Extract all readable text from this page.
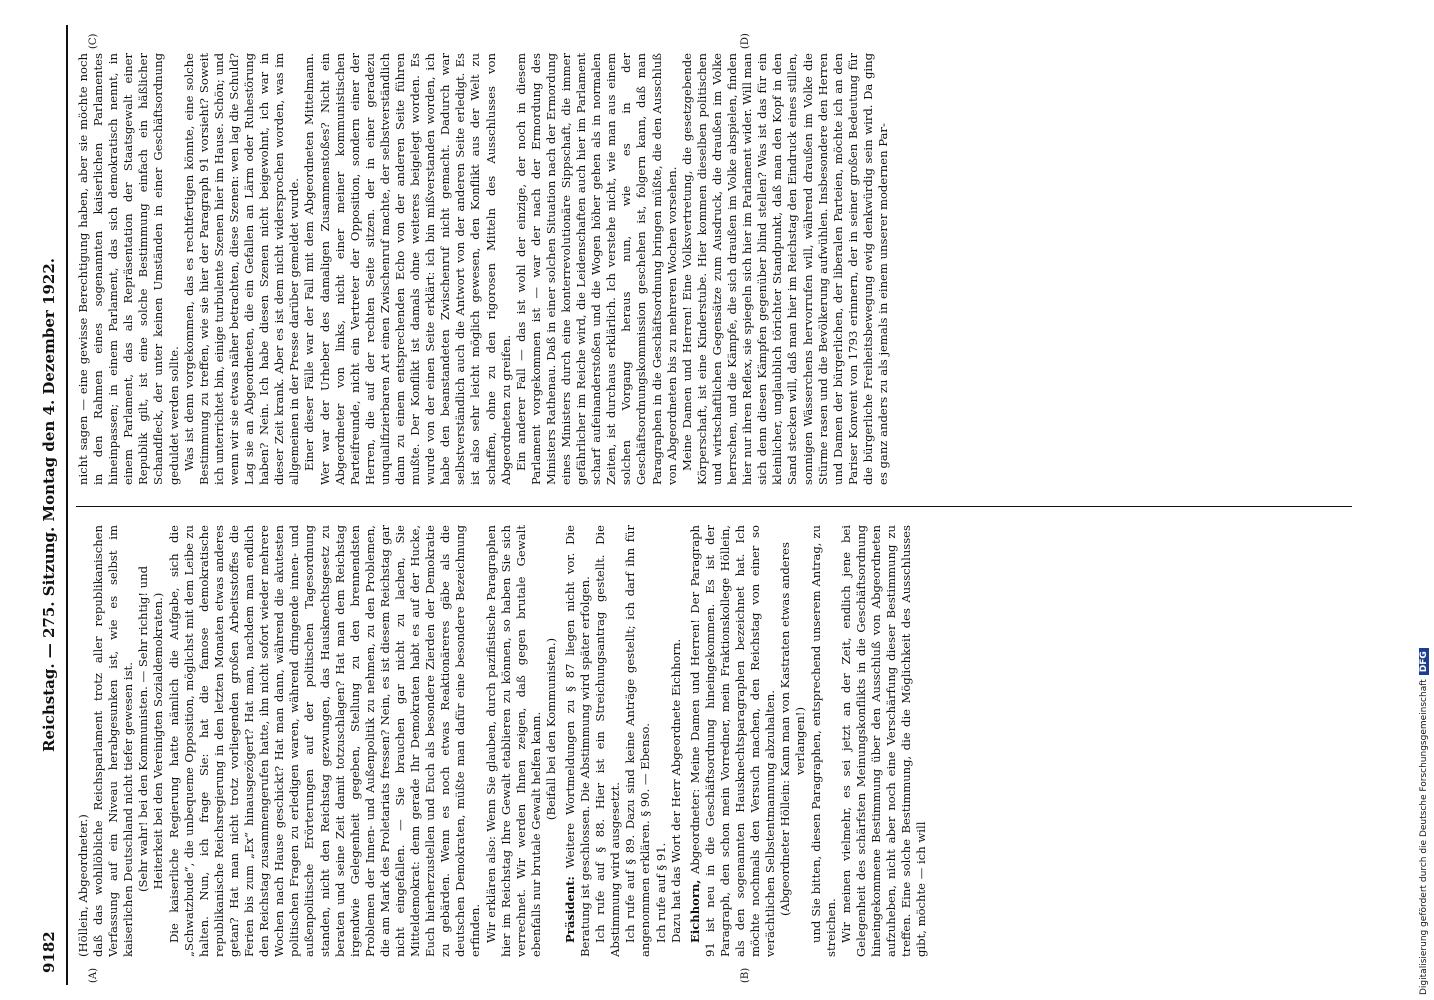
Reichstag. — 275. Sitzung. Montag den 4. Dezember 1922.
9182
(A)	(B)
(C)	(D)

(Höllein, Abgeordneter.) daß das wohllöbliche Reichsparlament trotz aller republikanischen Verfassung auf ein Niveau herabgesunken ist, wie es selbst im kaiserlichen Deutschland nicht tiefer gewesen ist. (Sehr wahr! bei den Kommunisten. — Sehr richtig! und Heiterkeit bei den Vereinigten Sozialdemokraten.) Die kaiserliche Regierung hatte nämlich die Aufgabe, sich die „Schwatzbude“, die unbequeme Opposition, möglichst mit dem Leibe zu halten. Nun, ich frage Sie: hat die famose demokratische republikanische Reichsregierung in den letzten Monaten etwas anderes getan? Hat man nicht trotz vorliegenden großen Arbeitsstoffes die Ferien bis zum „Ex“ hinausgezögert? Hat man, nachdem man endlich den Reichstag zusammengerufen hatte, ihn nicht sofort wieder mehrere Wochen nach Hause geschickt? Hat man dann, während die akutesten politischen Fragen zu erledigen waren, während dringende innen- und außenpolitische Erörterungen auf der politischen Tagesordnung standen, nicht den Reichstag gezwungen, das Hausknechtsgesetz zu beraten und seine Zeit damit totzuschlagen? Hat man dem Reichstag irgendwie Gelegenheit gegeben, Stellung zu den brennendsten Problemen der Innen- und Außenpolitik zu nehmen, zu den Problemen, die am Mark des Proletariats fressen? Nein, es ist diesem Reichstag gar nicht eingefallen. — Sie brauchen gar nicht zu lachen, Sie Mitteldemokrat: denn gerade Ihr Demokraten habt es auf der Hucke, Euch hierherzustellen und Euch als besondere Zierden der Demokratie zu gebärden. Wenn es noch etwas Reaktionäreres gäbe als die deutschen Demokraten, müßte man dafür eine besondere Bezeichnung erfinden. Wir erklären also: Wenn Sie glauben, durch pazifistische Paragraphen hier im Reichstag Ihre Gewalt etablieren zu können, so haben Sie sich verrechnet. Wir werden Ihnen zeigen, daß gegen brutale Gewalt ebenfalls nur brutale Gewalt helfen kann. (Beifall bei den Kommunisten.)

Präsident: Weitere Wortmeldungen zu § 87 liegen nicht vor. Die Beratung ist geschlossen. Die Abstimmung wird später erfolgen. Ich rufe auf § 88. Hier ist ein Streichungsantrag gestellt. Die Abstimmung wird ausgesetzt. Ich rufe auf § 89. Dazu sind keine Anträge gestellt; ich darf ihn für angenommen erklären. § 90. — Ebenso. Ich rufe auf § 91. Dazu hat das Wort der Herr Abgeordnete Eichhorn. Eichhorn, Abgeordneter: Meine Damen und Herren! Der Paragraph 91 ist neu in die Geschäftsordnung hineingekommen. Es ist der Paragraph, den schon mein Vorredner, mein Fraktionskollege Höllein, als den sogenannten Hausknechtsparagraphen bezeichnet hat. Ich möchte nochmals den Versuch machen, den Reichstag von einer so verächtlichen Selbstentmannung abzuhalten. (Abgeordneter Höllein: Kann man von Kastraten etwas anderes verlangen!) und Sie bitten, diesen Paragraphen, entsprechend unserem Antrag, zu streichen. Wir meinen vielmehr, es sei jetzt an der Zeit, endlich jene bei Gelegenheit des schärfsten Meinungskonflikts in die Geschäftsordnung hineingekommene Bestimmung über den Ausschluß von Abgeordneten aufzuheben, nicht aber noch eine Verschärfung dieser Bestimmung zu treffen. Eine solche Bestimmung, die die Möglichkeit des Ausschlusses gibt, möchte — ich will

nicht sagen — eine gewisse Berechtigung haben, aber sie möchte noch in den Rahmen eines sogenannten kaiserlichen Parlamentes hineinpassen; in einem Parlament, das sich demokratisch nennt, in einem Parlament, das als Repräsentation der Staatsgewalt einer Republik gilt, ist eine solche Bestimmung einfach ein häßlicher Schandfleck, der unter keinen Umständen in einer Geschäftsordnung geduldet werden sollte. Was ist denn vorgekommen, das es rechtfertigen könnte, eine solche Bestimmung zu treffen, wie sie hier der Paragraph 91 vorsieht? Soweit ich unterrichtet bin, einige turbulente Szenen hier im Hause. Schön; und wenn wir sie etwas näher betrachten, diese Szenen: wen lag die Schuld? Lag sie an Abgeordneten, die ein Gefallen an Lärm oder Ruhestörung haben? Nein. Ich habe diesen Szenen nicht beigewohnt, ich war in dieser Zeit krank. Aber es ist dem nicht widersprochen worden, was im allgemeinen in der Presse darüber gemeldet wurde. Einer dieser Fälle war der Fall mit dem Abgeordneten Mittelmann. Wer war der Urheber des damaligen Zusammenstoßes? Nicht ein Abgeordneter von links, nicht einer meiner kommunistischen Parteifreunde, nicht ein Vertreter der Opposition, sondern einer der Herren, die auf der rechten Seite sitzen. der in einer geradezu unqualifizierbaren Art einen Zwischenruf machte, der selbstverständlich dann zu einem entsprechenden Echo von der anderen Seite führen mußte. Der Konflikt ist damals ohne weiteres beigelegt worden. Es wurde von der einen Seite erklärt: ich bin mißverstanden worden, ich habe den beanstandeten Zwischenruf nicht gemacht. Dadurch war selbstverständlich auch die Antwort von der anderen Seite erledigt. Es ist also sehr leicht möglich gewesen, den Konflikt aus der Welt zu schaffen, ohne zu den rigorosen Mitteln des Ausschlusses von Abgeordneten zu greifen. Ein anderer Fall — das ist wohl der einzige, der noch in diesem Parlament vorgekommen ist — war der nach der Ermordung des Ministers Rathenau. Daß in einer solchen Situation nach der Ermordung eines Ministers durch eine konterrevolutionäre Sippschaft, die immer gefährlicher im Reiche wird, die Leidenschaften auch hier im Parlament scharf aufeinanderstoßen und die Wogen höher gehen als in normalen Zeiten, ist durchaus erklärlich. Ich verstehe nicht, wie man aus einem solchen Vorgang heraus nun, wie es in der Geschäftsordnungskommission geschehen ist, folgern kann, daß man Paragraphen in die Geschäftsordnung bringen müßte, die den Ausschluß von Abgeordneten bis zu mehreren Wochen vorsehen. Meine Damen und Herren! Eine Volksvertretung, die gesetzgebende Körperschaft, ist eine Kinderstube. Hier kommen dieselben politischen und wirtschaftlichen Gegensätze zum Ausdruck, die draußen im Volke herrschen, und die Kämpfe, die sich draußen im Volke abspielen, finden hier nur ihren Reflex, sie spiegeln sich hier im Parlament wider. Will man sich denn diesen Kämpfen gegenüber blind stellen? Was ist das für ein kleinlicher, unglaublich törichter Standpunkt, daß man den Kopf in den Sand stecken will, daß man hier im Reichstag den Eindruck eines stillen, sonnigen Wässerchens hervorrufen will, während draußen im Volke die Stürme rasen und die Bevölkerung aufwühlen. Insbesondere den Herren und Damen der bürgerlichen, der liberalen Parteien, möchte ich an den Pariser Konvent von 1793 erinnern, der in seiner großen Bedeutung für die bürgerliche Freiheitsbewegung ewig denkwürdig sein wird. Da ging es ganz anders zu als jemals in einem unserer modernen Par-

Digitalisierung gefördert durch die Deutsche ForschungsgemeinschaftDFG
